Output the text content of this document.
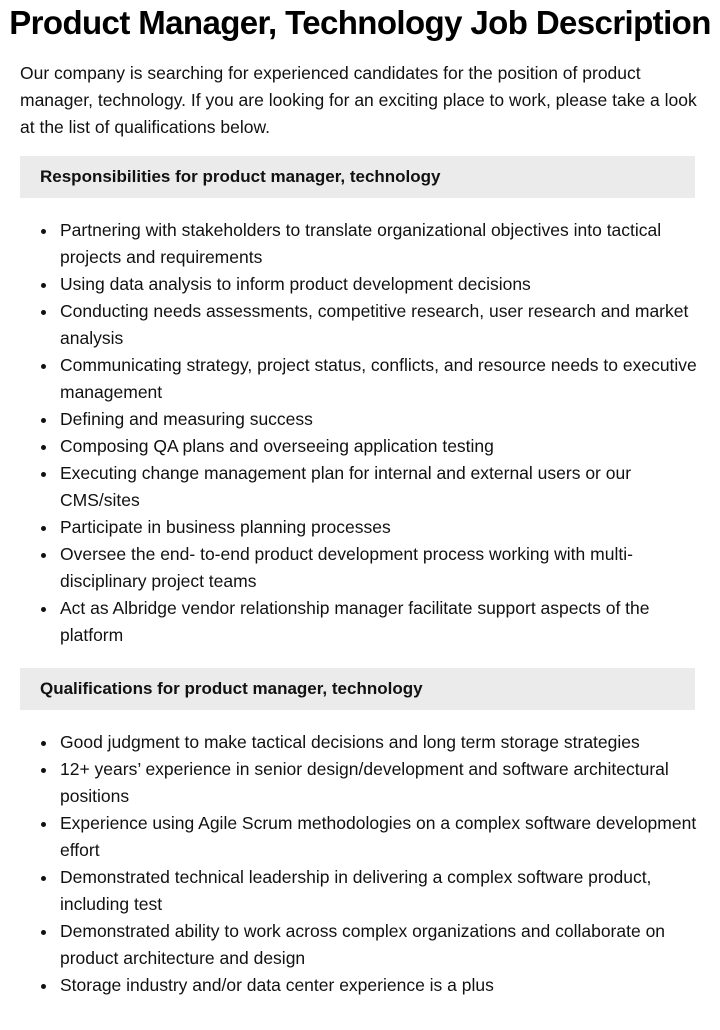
Product Manager, Technology Job Description

Our company is searching for experienced candidates for the position of product manager, technology. If you are looking for an exciting place to work, please take a look at the list of qualifications below.

Responsibilities for product manager, technology
Partnering with stakeholders to translate organizational objectives into tactical projects and requirements
Using data analysis to inform product development decisions
Conducting needs assessments, competitive research, user research and market analysis
Communicating strategy, project status, conflicts, and resource needs to executive management
Defining and measuring success
Composing QA plans and overseeing application testing
Executing change management plan for internal and external users or our CMS/sites
Participate in business planning processes
Oversee the end- to-end product development process working with multi-disciplinary project teams
Act as Albridge vendor relationship manager facilitate support aspects of the platform
Qualifications for product manager, technology
Good judgment to make tactical decisions and long term storage strategies
12+ years’ experience in senior design/development and software architectural positions
Experience using Agile Scrum methodologies on a complex software development effort
Demonstrated technical leadership in delivering a complex software product, including test
Demonstrated ability to work across complex organizations and collaborate on product architecture and design
Storage industry and/or data center experience is a plus
